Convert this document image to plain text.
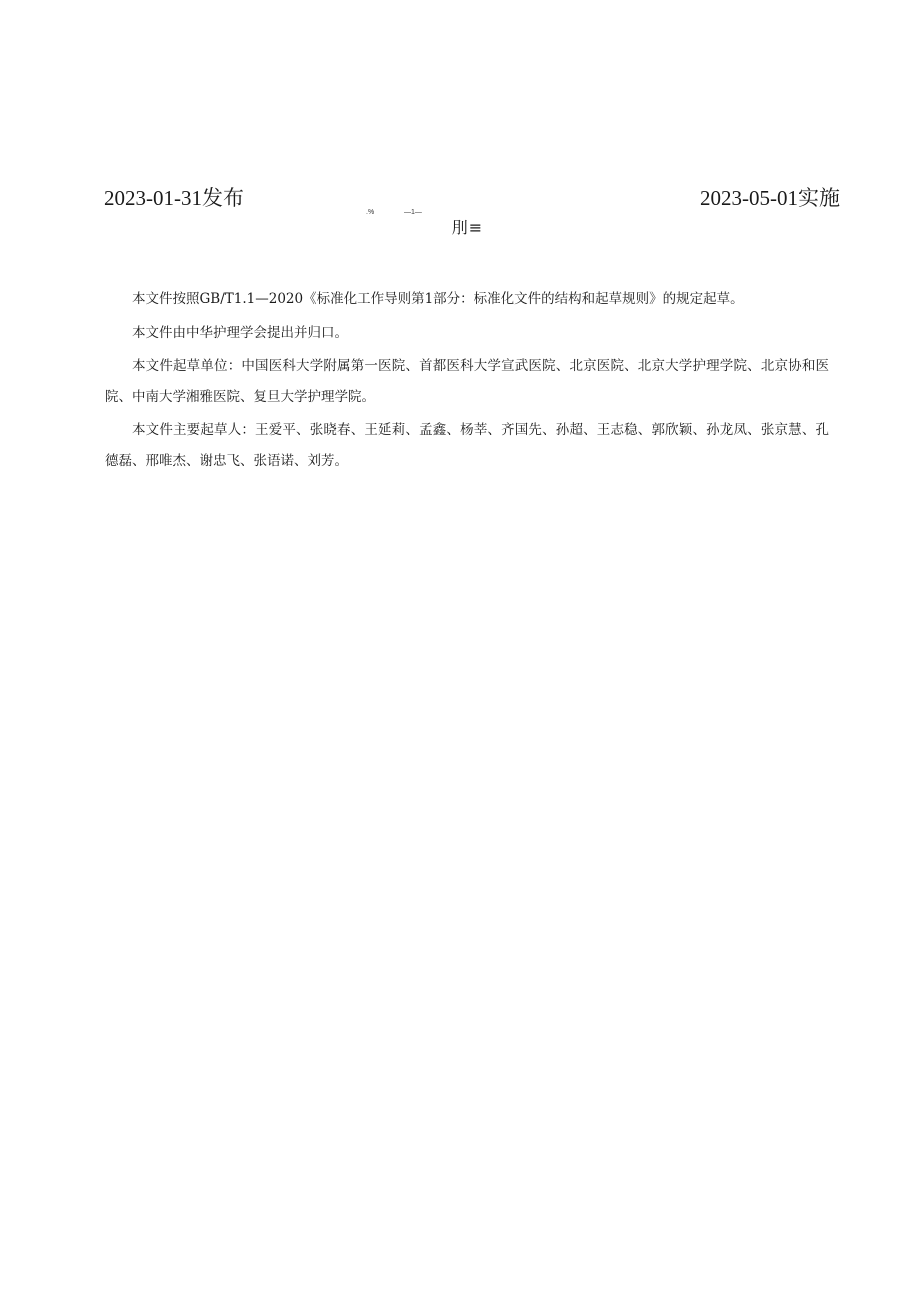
2023-01-31发布	2023-05-01实施
.%	—1—
刖≡

本文件按照GB/T1.1—2020《标准化工作导则第1部分：标准化文件的结构和起草规则》的规定起草。

本文件由中华护理学会提出并归口。

本文件起草单位：中国医科大学附属第一医院、首都医科大学宣武医院、北京医院、北京大学护理学院、北京协和医院、中南大学湘雅医院、复旦大学护理学院。

本文件主要起草人：王爱平、张晓春、王延莉、孟鑫、杨莘、齐国先、孙超、王志稳、郭欣颖、孙龙凤、张京慧、孔德磊、邢唯杰、谢忠飞、张语诺、刘芳。
